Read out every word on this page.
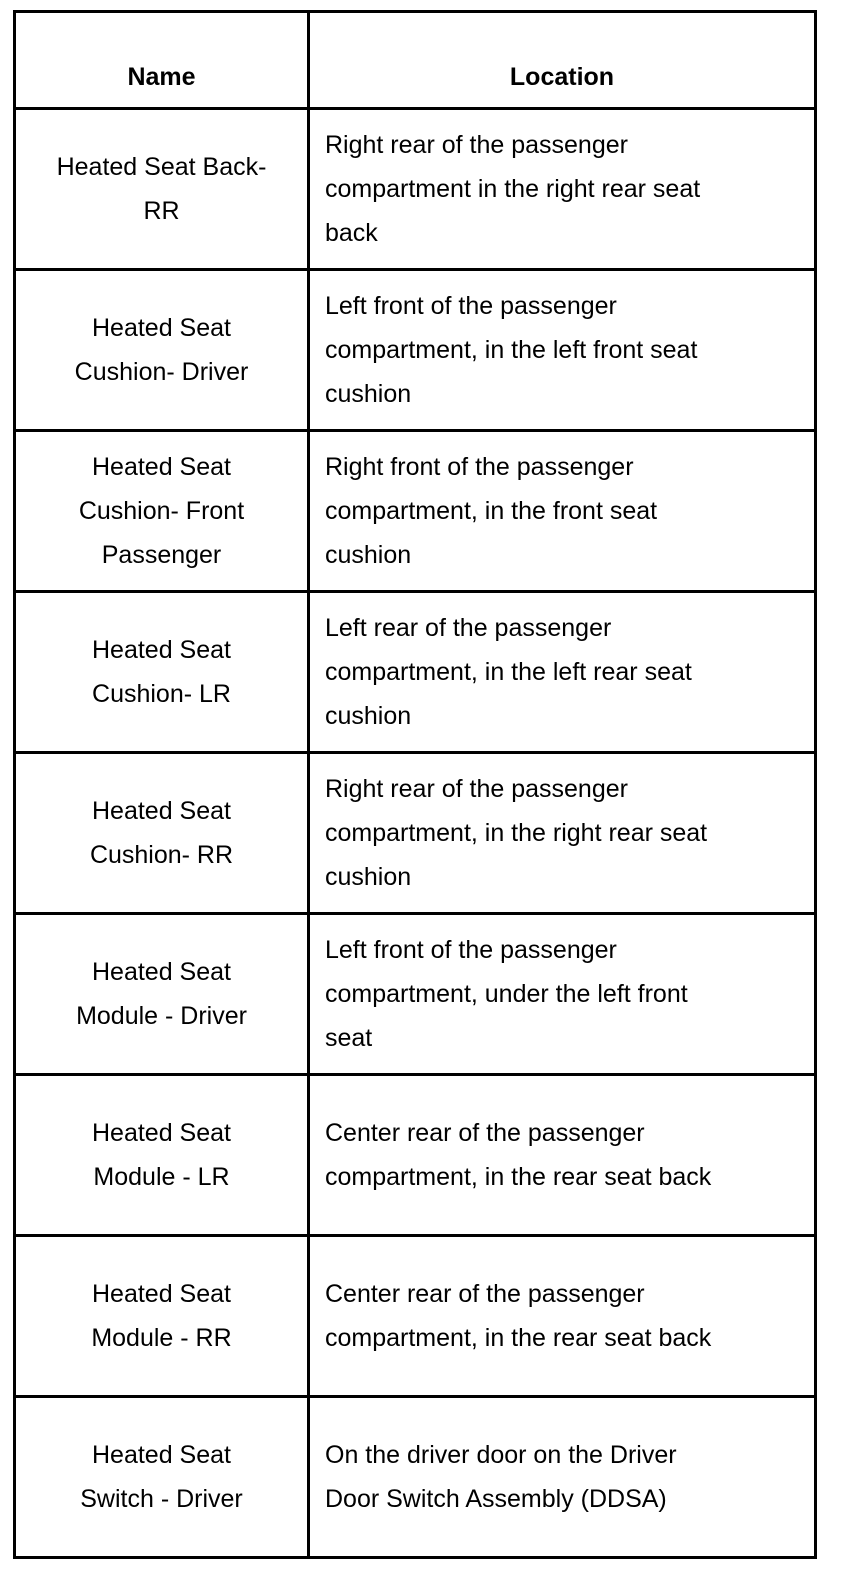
Name	Location

Heated Seat Back-
RR	Right rear of the passenger
compartment in the right rear seat
back

Heated Seat
Cushion- Driver	Left front of the passenger
compartment, in the left front seat
cushion

Heated Seat
Cushion- Front
Passenger	Right front of the passenger
compartment, in the front seat
cushion

Heated Seat
Cushion- LR	Left rear of the passenger
compartment, in the left rear seat
cushion

Heated Seat
Cushion- RR	Right rear of the passenger
compartment, in the right rear seat
cushion

Heated Seat
Module - Driver	Left front of the passenger
compartment, under the left front
seat

Heated Seat
Module - LR	Center rear of the passenger
compartment, in the rear seat back

Heated Seat
Module - RR	Center rear of the passenger
compartment, in the rear seat back

Heated Seat
Switch - Driver	On the driver door on the Driver
Door Switch Assembly (DDSA)
